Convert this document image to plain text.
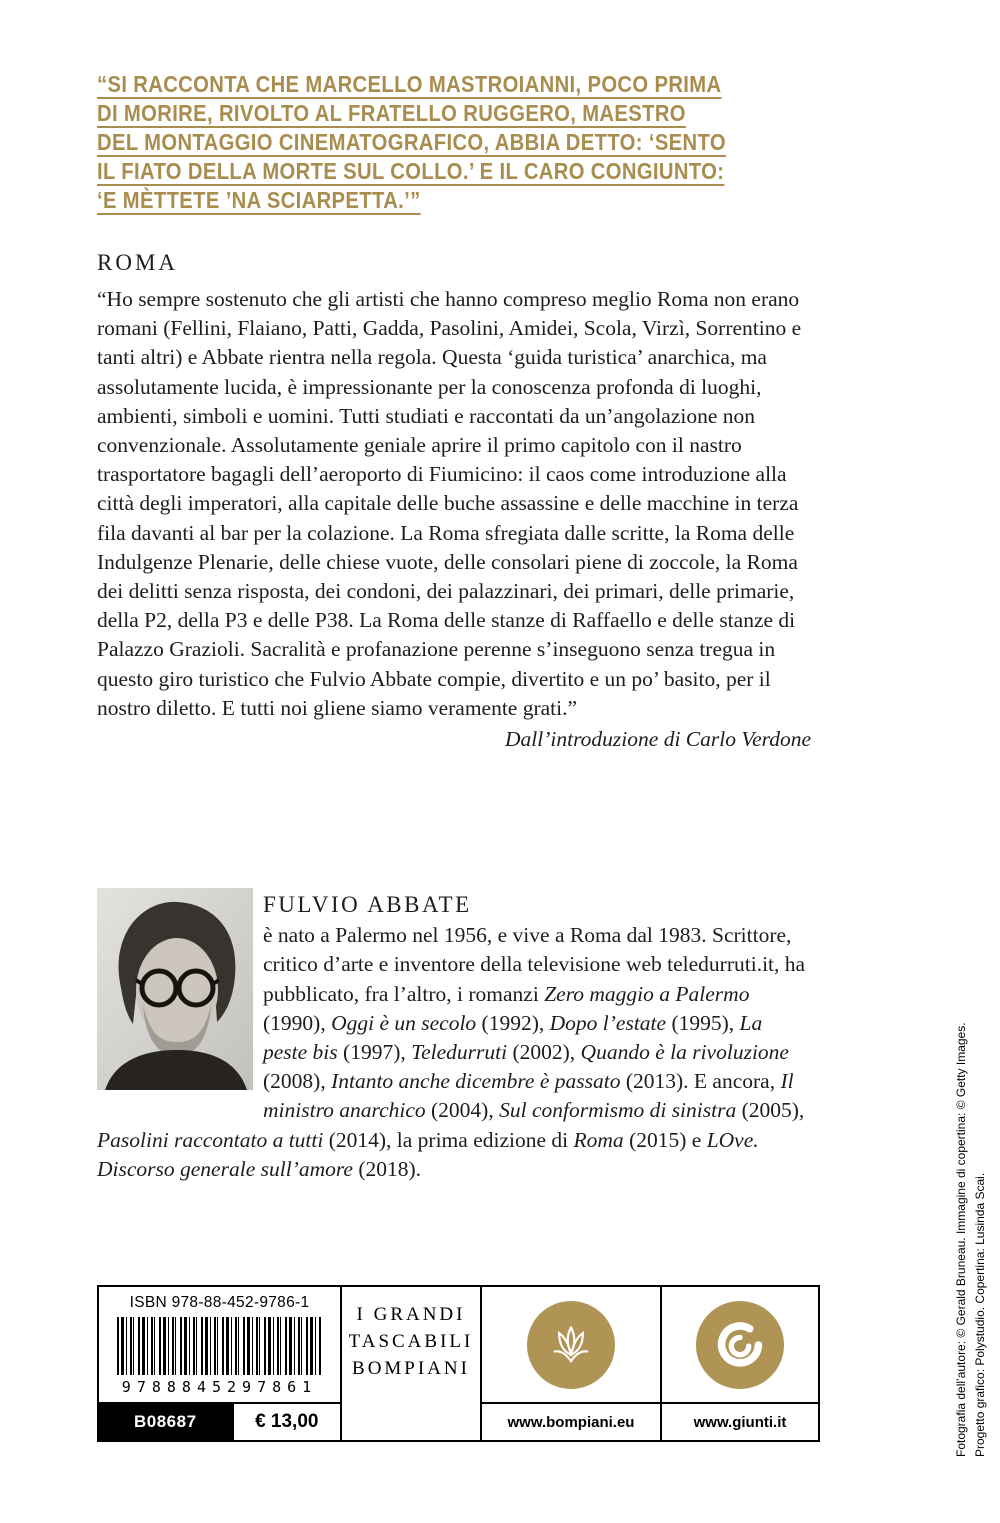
“SI RACCONTA CHE MARCELLO MASTROIANNI, POCO PRIMA
DI MORIRE, RIVOLTO AL FRATELLO RUGGERO, MAESTRO
DEL MONTAGGIO CINEMATOGRAFICO, ABBIA DETTO: ‘SENTO
IL FIATO DELLA MORTE SUL COLLO.’ E IL CARO CONGIUNTO:
‘E MÈTTETE ’NA SCIARPETTA.’”
ROMA

“Ho sempre sostenuto che gli artisti che hanno compreso meglio Roma non erano romani (Fellini, Flaiano, Patti, Gadda, Pasolini, Amidei, Scola, Virzì, Sorrentino e tanti altri) e Abbate rientra nella regola. Questa ‘guida turistica’ anarchica, ma assolutamente lucida, è impressionante per la conoscenza profonda di luoghi, ambienti, simboli e uomini. Tutti studiati e raccontati da un’angolazione non convenzionale. Assolutamente geniale aprire il primo capitolo con il nastro trasportatore bagagli dell’aeroporto di Fiumicino: il caos come introduzione alla città degli imperatori, alla capitale delle buche assassine e delle macchine in terza fila davanti al bar per la colazione. La Roma sfregiata dalle scritte, la Roma delle Indulgenze Plenarie, delle chiese vuote, delle consolari piene di zoccole, la Roma dei delitti senza risposta, dei condoni, dei palazzinari, dei primari, delle primarie, della P2, della P3 e delle P38. La Roma delle stanze di Raffaello e delle stanze di Palazzo Grazioli. Sacralità e profanazione perenne s’inseguono senza tregua in questo giro turistico che Fulvio Abbate compie, divertito e un po’ basito, per il nostro diletto. E tutti noi gliene siamo veramente grati.”

Dall’introduzione di Carlo Verdone
FULVIO ABBATE

è nato a Palermo nel 1956, e vive a Roma dal 1983. Scrittore, critico d’arte e inventore della televisione web teledurruti.it, ha pubblicato, fra l’altro, i romanzi Zero maggio a Palermo (1990), Oggi è un secolo (1992), Dopo l’estate (1995), La peste bis (1997), Teledurruti (2002), Quando è la rivoluzione (2008), Intanto anche dicembre è passato (2013). E ancora, Il ministro anarchico (2004), Sul conformismo di sinistra (2005), Pasolini raccontato a tutti (2014), la prima edizione di Roma (2015) e LOve. Discorso generale sull’amore (2018).

ISBN 978-88-452-9786-1
9788845297861
B08687	€ 13,00
I GRANDI
TASCABILI
BOMPIANI
www.bompiani.eu	www.giunti.it	Fotografia dell’autore: © Gerald Bruneau. Immagine di copertina: © Getty Images. Progetto grafico: Polystudio. Copertina: Lusinda Scai.
